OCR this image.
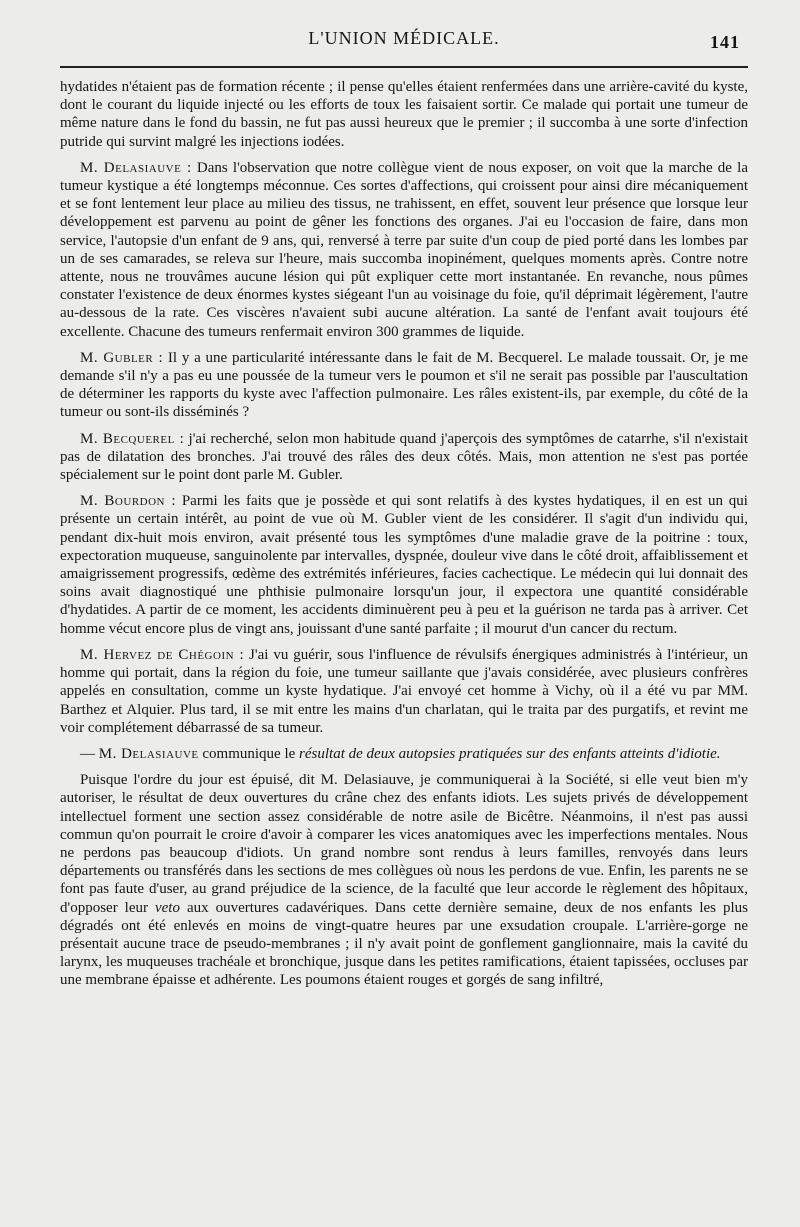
L'UNION MÉDICALE.	141

hydatides n'étaient pas de formation récente ; il pense qu'elles étaient renfermées dans une arrière-cavité du kyste, dont le courant du liquide injecté ou les efforts de toux les faisaient sortir. Ce malade qui portait une tumeur de même nature dans le fond du bassin, ne fut pas aussi heureux que le premier ; il succomba à une sorte d'infection putride qui survint malgré les injections iodées.

M. Delasiauve : Dans l'observation que notre collègue vient de nous exposer, on voit que la marche de la tumeur kystique a été longtemps méconnue. Ces sortes d'affections, qui croissent pour ainsi dire mécaniquement et se font lentement leur place au milieu des tissus, ne trahissent, en effet, souvent leur présence que lorsque leur développement est parvenu au point de gêner les fonctions des organes. J'ai eu l'occasion de faire, dans mon service, l'autopsie d'un enfant de 9 ans, qui, renversé à terre par suite d'un coup de pied porté dans les lombes par un de ses camarades, se releva sur l'heure, mais succomba inopinément, quelques moments après. Contre notre attente, nous ne trouvâmes aucune lésion qui pût expliquer cette mort instantanée. En revanche, nous pûmes constater l'existence de deux énormes kystes siégeant l'un au voisinage du foie, qu'il déprimait légèrement, l'autre au-dessous de la rate. Ces viscères n'avaient subi aucune altération. La santé de l'enfant avait toujours été excellente. Chacune des tumeurs renfermait environ 300 grammes de liquide.

M. Gubler : Il y a une particularité intéressante dans le fait de M. Becquerel. Le malade toussait. Or, je me demande s'il n'y a pas eu une poussée de la tumeur vers le poumon et s'il ne serait pas possible par l'auscultation de déterminer les rapports du kyste avec l'affection pulmonaire. Les râles existent-ils, par exemple, du côté de la tumeur ou sont-ils disséminés ?

M. Becquerel : j'ai recherché, selon mon habitude quand j'aperçois des symptômes de catarrhe, s'il n'existait pas de dilatation des bronches. J'ai trouvé des râles des deux côtés. Mais, mon attention ne s'est pas portée spécialement sur le point dont parle M. Gubler.

M. Bourdon : Parmi les faits que je possède et qui sont relatifs à des kystes hydatiques, il en est un qui présente un certain intérêt, au point de vue où M. Gubler vient de les considérer. Il s'agit d'un individu qui, pendant dix-huit mois environ, avait présenté tous les symptômes d'une maladie grave de la poitrine : toux, expectoration muqueuse, sanguinolente par intervalles, dyspnée, douleur vive dans le côté droit, affaiblissement et amaigrissement progressifs, œdème des extrémités inférieures, facies cachectique. Le médecin qui lui donnait des soins avait diagnostiqué une phthisie pulmonaire lorsqu'un jour, il expectora une quantité considérable d'hydatides. A partir de ce moment, les accidents diminuèrent peu à peu et la guérison ne tarda pas à arriver. Cet homme vécut encore plus de vingt ans, jouissant d'une santé parfaite ; il mourut d'un cancer du rectum.

M. Hervez de Chégoin : J'ai vu guérir, sous l'influence de révulsifs énergiques administrés à l'intérieur, un homme qui portait, dans la région du foie, une tumeur saillante que j'avais considérée, avec plusieurs confrères appelés en consultation, comme un kyste hydatique. J'ai envoyé cet homme à Vichy, où il a été vu par MM. Barthez et Alquier. Plus tard, il se mit entre les mains d'un charlatan, qui le traita par des purgatifs, et revint me voir complétement débarrassé de sa tumeur.

— M. Delasiauve communique le résultat de deux autopsies pratiquées sur des enfants atteints d'idiotie.

Puisque l'ordre du jour est épuisé, dit M. Delasiauve, je communiquerai à la Société, si elle veut bien m'y autoriser, le résultat de deux ouvertures du crâne chez des enfants idiots. Les sujets privés de développement intellectuel forment une section assez considérable de notre asile de Bicêtre. Néanmoins, il n'est pas aussi commun qu'on pourrait le croire d'avoir à comparer les vices anatomiques avec les imperfections mentales. Nous ne perdons pas beaucoup d'idiots. Un grand nombre sont rendus à leurs familles, renvoyés dans leurs départements ou transférés dans les sections de mes collègues où nous les perdons de vue. Enfin, les parents ne se font pas faute d'user, au grand préjudice de la science, de la faculté que leur accorde le règlement des hôpitaux, d'opposer leur veto aux ouvertures cadavériques. Dans cette dernière semaine, deux de nos enfants les plus dégradés ont été enlevés en moins de vingt-quatre heures par une exsudation croupale. L'arrière-gorge ne présentait aucune trace de pseudo-membranes ; il n'y avait point de gonflement ganglionnaire, mais la cavité du larynx, les muqueuses trachéale et bronchique, jusque dans les petites ramifications, étaient tapissées, occluses par une membrane épaisse et adhérente. Les poumons étaient rouges et gorgés de sang infiltré,
